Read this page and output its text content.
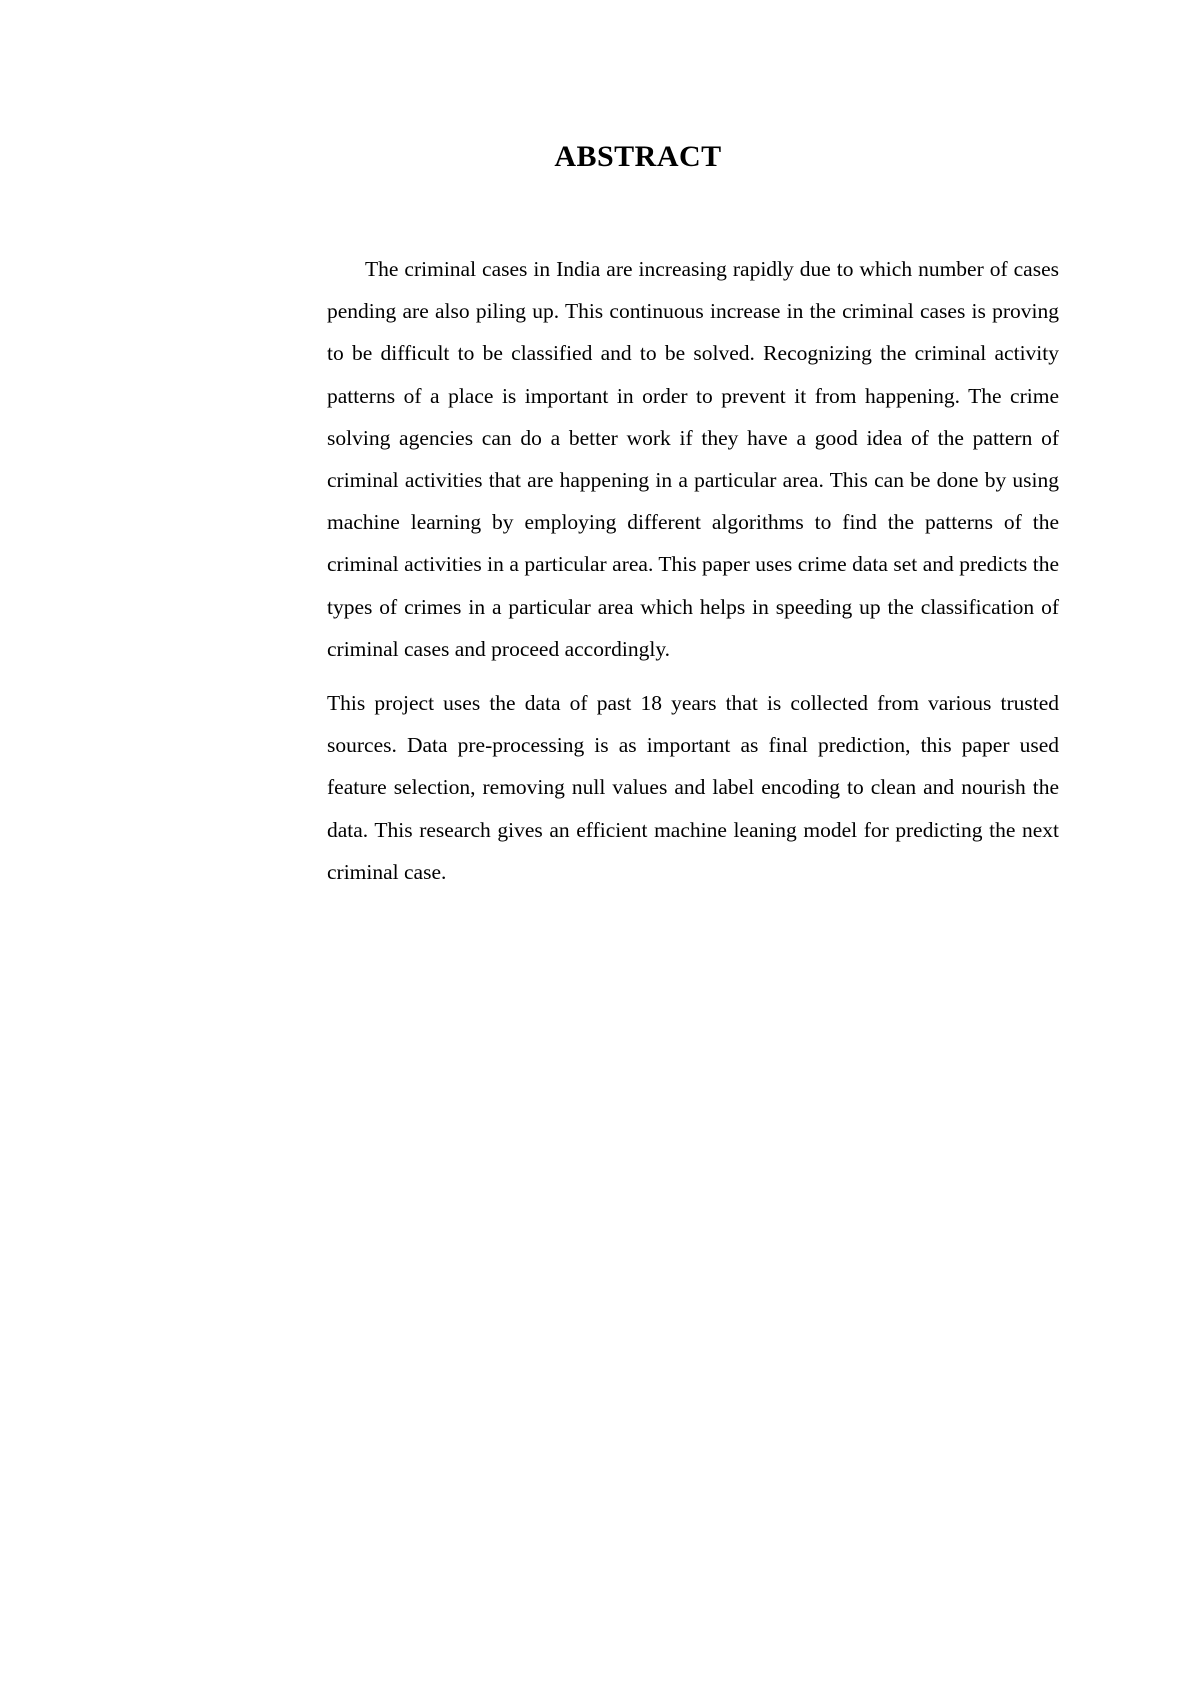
ABSTRACT

The criminal cases in India are increasing rapidly due to which number of cases pending are also piling up. This continuous increase in the criminal cases is proving to be difficult to be classified and to be solved. Recognizing the criminal activity patterns of a place is important in order to prevent it from happening. The crime solving agencies can do a better work if they have a good idea of the pattern of criminal activities that are happening in a particular area. This can be done by using machine learning by employing different algorithms to find the patterns of the criminal activities in a particular area. This paper uses crime data set and predicts the types of crimes in a particular area which helps in speeding up the classification of criminal cases and proceed accordingly.

This project uses the data of past 18 years that is collected from various trusted sources. Data pre-processing is as important as final prediction, this paper used feature selection, removing null values and label encoding to clean and nourish the data. This research gives an efficient machine leaning model for predicting the next criminal case.
